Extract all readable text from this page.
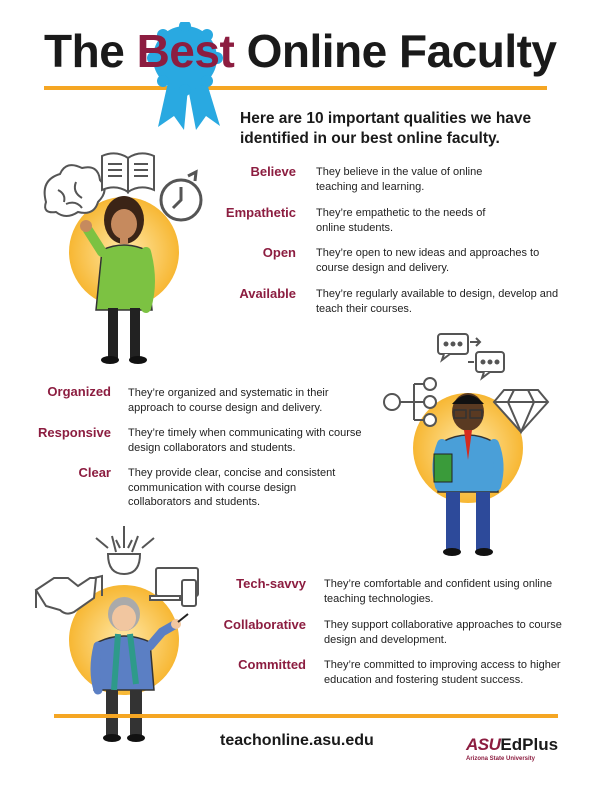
The Best Online Faculty
Here are 10 important qualities we have identified in our best online faculty.
Believe They believe in the value of online teaching and learning.
Empathetic They’re empathetic to the needs of online students.
Open They’re open to new ideas and approaches to course design and delivery.
Available They’re regularly available to design, develop and teach their courses.
Organized They’re organized and systematic in their approach to course design and delivery.
Responsive They’re timely when communicating with course design collaborators and students.
Clear They provide clear, concise and consistent communication with course design collaborators and students.
Tech-savvy They’re comfortable and confident using online teaching technologies.
Collaborative They support collaborative approaches to course design and development.
Committed They’re committed to improving access to higher education and fostering student success.
teachonline.asu.edu	ASUEdPlus
Arizona State University
